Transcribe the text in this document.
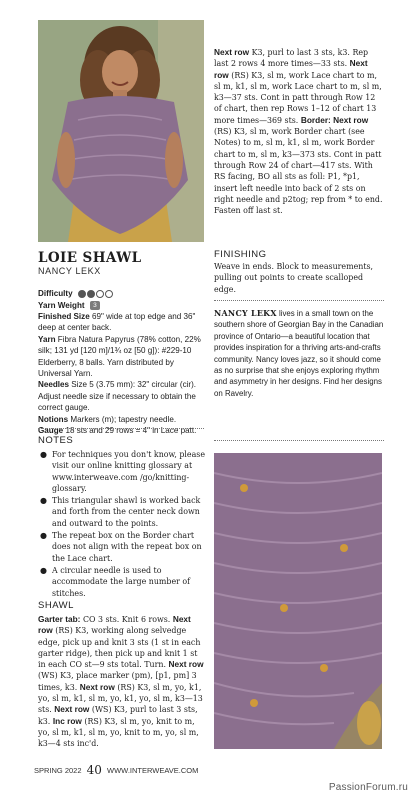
LOIE SHAWL
NANCY LEKX
Difficulty
Yarn Weight 3
Finished Size 69" wide at top edge and 36" deep at center back.
Yarn Fibra Natura Papyrus (78% cotton, 22% silk; 131 yd [120 m]/1¾ oz [50 g]): #229-10 Elderberry, 8 balls. Yarn distributed by Universal Yarn.
Needles Size 5 (3.75 mm): 32" circular (cir). Adjust needle size if necessary to obtain the correct gauge.
Notions Markers (m); tapestry needle.
Gauge 18 sts and 29 rows = 4" in Lace patt.
NOTES
● For techniques you don't know, please visit our online knitting glossary at www.interweave.com /go/knitting-glossary.
● This triangular shawl is worked back and forth from the center neck down and outward to the points.
● The repeat box on the Border chart does not align with the repeat box on the Lace chart.
● A circular needle is used to accommodate the large number of stitches.
SHAWL
Garter tab: CO 3 sts. Knit 6 rows. Next row (RS) K3, working along selvedge edge, pick up and knit 3 sts (1 st in each garter ridge), then pick up and knit 1 st in each CO st—9 sts total. Turn. Next row (WS) K3, place marker (pm), [p1, pm] 3 times, k3. Next row (RS) K3, sl m, yo, k1, yo, sl m, k1, sl m, yo, k1, yo, sl m, k3—13 sts. Next row (WS) K3, purl to last 3 sts, k3. Inc row (RS) K3, sl m, yo, knit to m, yo, sl m, k1, sl m, yo, knit to m, yo, sl m, k3—4 sts inc'd.
Next row K3, purl to last 3 sts, k3. Rep last 2 rows 4 more times—33 sts. Next row (RS) K3, sl m, work Lace chart to m, sl m, k1, sl m, work Lace chart to m, sl m, k3—37 sts. Cont in patt through Row 12 of chart, then rep Rows 1–12 of chart 13 more times—369 sts. Border: Next row (RS) K3, sl m, work Border chart (see Notes) to m, sl m, k1, sl m, work Border chart to m, sl m, k3—373 sts. Cont in patt through Row 24 of chart—417 sts. With RS facing, BO all sts as foll: P1, *p1, insert left needle into back of 2 sts on right needle and p2tog; rep from * to end. Fasten off last st.
FINISHING
Weave in ends. Block to measurements, pulling out points to create scalloped edge.
NANCY LEKX lives in a small town on the southern shore of Georgian Bay in the Canadian province of Ontario—a beautiful location that provides inspiration for a thriving arts-and-crafts community. Nancy loves jazz, so it should come as no surprise that she enjoys exploring rhythm and asymmetry in her designs. Find her designs on Ravelry.
SPRING 2022 40 WWW.INTERWEAVE.COM
PassionForum.ru
